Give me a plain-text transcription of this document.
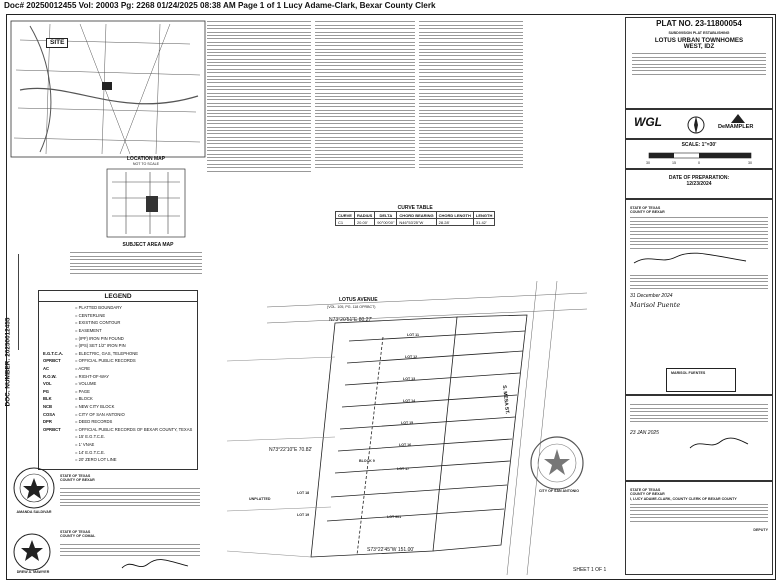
Doc# 20250012455 Vol: 20003 Pg: 2268 01/24/2025 08:38 AM Page 1 of 1 Lucy Adame-Clark, Bexar County Clerk
SITE
LOCATION MAP
NOT TO SCALE
SUBJECT AREA MAP
DOC. NUMBER: 20250012455
LEGEND
= PLATTED BOUNDARY
= CENTERLINE
= EXISTING CONTOUR
= EASEMENT
= (IPF) IRON PIN FOUND
= (IPS) SET 1/2" IRON PIN
E.G.T.C.A.	= ELECTRIC, GAS, TELEPHONE
OPRBCT	= OFFICIAL PUBLIC RECORDS
AC	= ACRE
R.O.W.	= RIGHT-OF-WAY
VOL	= VOLUME
PG	= PAGE
BLK	= BLOCK
NCB	= NEW CITY BLOCK
COSA	= CITY OF SAN ANTONIO
DPR	= DEED RECORDS
OPRBCT	= OFFICIAL PUBLIC RECORDS OF BEXAR COUNTY, TEXAS
= 15' E.G.T.C.E.
= 1' VNAE
= 14' E.G.T.C.E.
= 20' ZERO LOT LINE
AMANDA SALDIVAR
DREW A. MAWYER
STATE OF TEXAS
COUNTY OF BEXAR
STATE OF TEXAS
COUNTY OF COMAL
CURVE TABLE
CURVE	RADIUS	DELTA	CHORD BEARING	CHORD LENGTH	LENGTH
C1	20.00'	90°00'00"	N46°53'25"W	28.28'	31.42'
LOTUS AVENUE
(VOL. 105, PG. 118 OPRBCT)
S. MESA ST.
N73°20'51"E 80.27'
N73°22'10"E 70.82'
S73°22'45"W 151.00'
LOT 11
LOT 12
LOT 13
LOT 14
LOT 15
LOT 16
LOT 17
LOT 18
LOT 19	LOT 901
BLOCK 9
UNPLATTED
CITY OF SAN ANTONIO
SHEET 1 OF 1
PLAT NO. 23-11800054
SUBDIVISION PLAT ESTABLISHING
LOTUS URBAN TOWNHOMES
WEST, IDZ
WGL	DeMAMPLER
SCALE: 1"=30'
30	15	0	30
DATE OF PREPARATION:
12/23/2024
STATE OF TEXAS
COUNTY OF BEXAR
31 December 2024
Marisol Puente
MARISOL FUENTES
23 JAN 2025
STATE OF TEXAS
COUNTY OF BEXAR
I, LUCY ADAME-CLARK, COUNTY CLERK OF BEXAR COUNTY
DEPUTY
